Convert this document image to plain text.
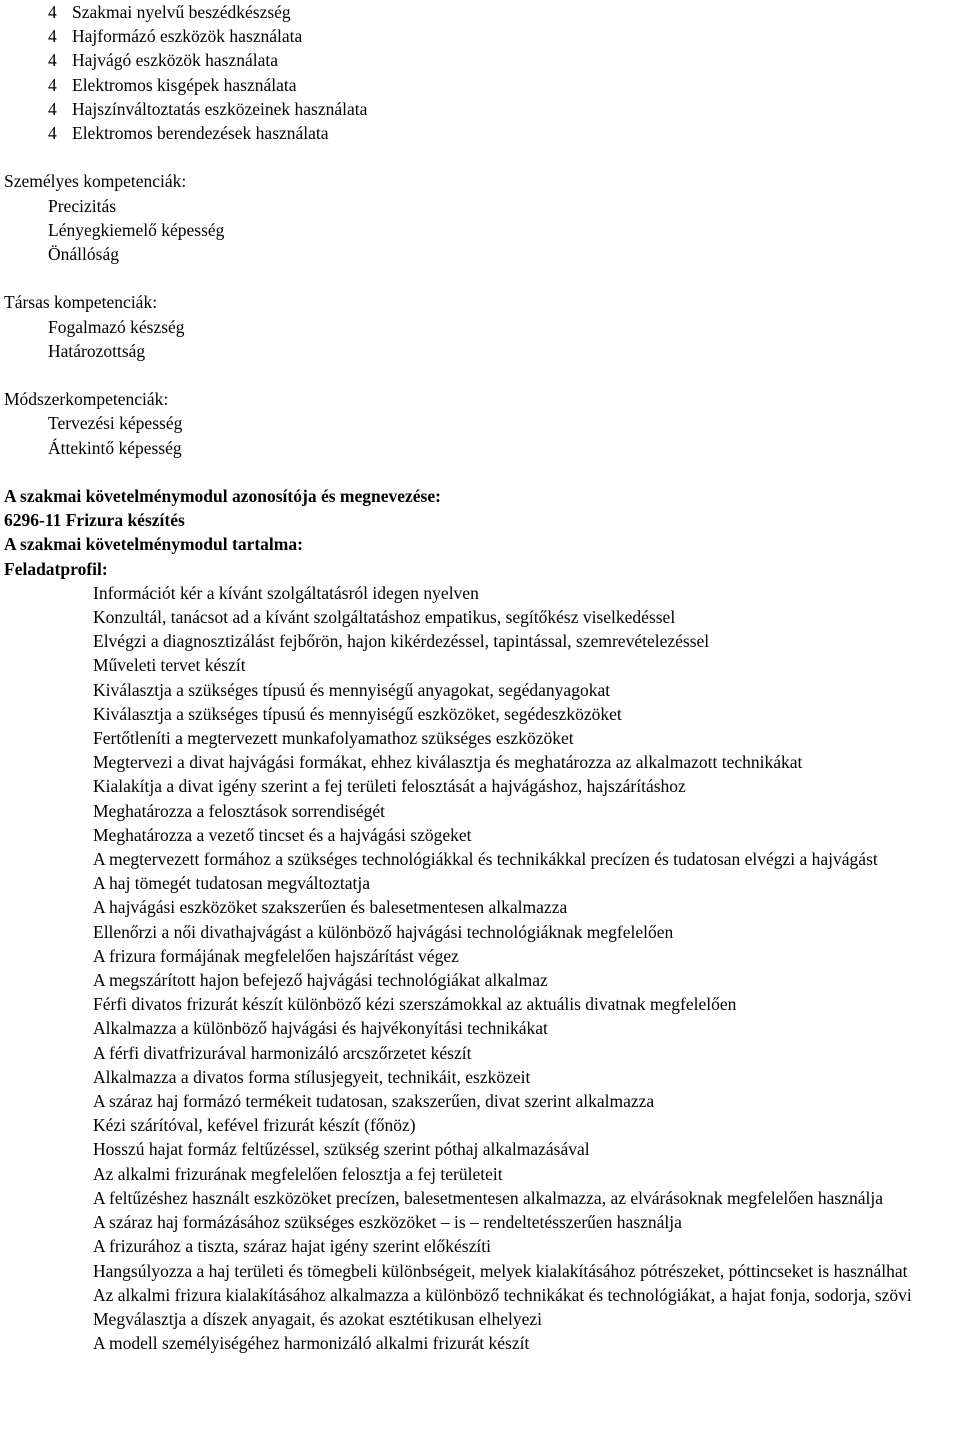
4 Szakmai nyelvű beszédkészség
4 Hajformázó eszközök használata
4 Hajvágó eszközök használata
4 Elektromos kisgépek használata
4 Hajszínváltoztatás eszközeinek használata
4 Elektromos berendezések használata
Személyes kompetenciák:
Precizitás
Lényegkiemelő képesség
Önállóság
Társas kompetenciák:
Fogalmazó készség
Határozottság
Módszerkompetenciák:
Tervezési képesség
Áttekintő képesség
A szakmai követelménymodul azonosítója és megnevezése:
6296-11 Frizura készítés
A szakmai követelménymodul tartalma:
Feladatprofil:
Információt kér a kívánt szolgáltatásról idegen nyelven
Konzultál, tanácsot ad a kívánt szolgáltatáshoz empatikus, segítőkész viselkedéssel
Elvégzi a diagnosztizálást fejbőrön, hajon kikérdezéssel, tapintással, szemrevételezéssel
Műveleti tervet készít
Kiválasztja a szükséges típusú és mennyiségű anyagokat, segédanyagokat
Kiválasztja a szükséges típusú és mennyiségű eszközöket, segédeszközöket
Fertőtleníti a megtervezett munkafolyamathoz szükséges eszközöket
Megtervezi a divat hajvágási formákat, ehhez kiválasztja és meghatározza az alkalmazott technikákat
Kialakítja a divat igény szerint a fej területi felosztását a hajvágáshoz, hajszárításhoz
Meghatározza a felosztások sorrendiségét
Meghatározza a vezető tincset és a hajvágási szögeket
A megtervezett formához a szükséges technológiákkal és technikákkal precízen és tudatosan elvégzi a hajvágást
A haj tömegét tudatosan megváltoztatja
A hajvágási eszközöket szakszerűen és balesetmentesen alkalmazza
Ellenőrzi a női divathajvágást a különböző hajvágási technológiáknak megfelelően
A frizura formájának megfelelően hajszárítást végez
A megszárított hajon befejező hajvágási technológiákat alkalmaz
Férfi divatos frizurát készít különböző kézi szerszámokkal az aktuális divatnak megfelelően
Alkalmazza a különböző hajvágási és hajvékonyítási technikákat
A férfi divatfrizurával harmonizáló arcszőrzetet készít
Alkalmazza a divatos forma stílusjegyeit, technikáit, eszközeit
A száraz haj formázó termékeit tudatosan, szakszerűen, divat szerint alkalmazza
Kézi szárítóval, kefével frizurát készít (főnöz)
Hosszú hajat formáz feltűzéssel, szükség szerint póthaj alkalmazásával
Az alkalmi frizurának megfelelően felosztja a fej területeit
A feltűzéshez használt eszközöket precízen, balesetmentesen alkalmazza, az elvárásoknak megfelelően használja
A száraz haj formázásához szükséges eszközöket – is – rendeltetésszerűen használja
A frizurához a tiszta, száraz hajat igény szerint előkészíti
Hangsúlyozza a haj területi és tömegbeli különbségeit, melyek kialakításához pótrészeket, póttincseket is használhat
Az alkalmi frizura kialakításához alkalmazza a különböző technikákat és technológiákat, a hajat fonja, sodorja, szövi
Megválasztja a díszek anyagait, és azokat esztétikusan elhelyezi
A modell személyiségéhez harmonizáló alkalmi frizurát készít
